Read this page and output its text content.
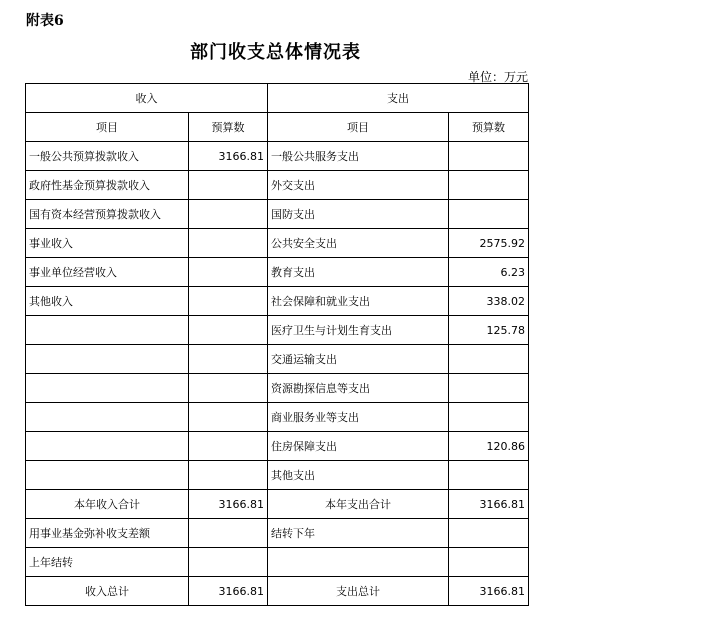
附表6
部门收支总体情况表
单位：万元
收入		支出	
项目	预算数	项目	预算数
一般公共预算拨款收入	3166.81	一般公共服务支出	
政府性基金预算拨款收入		外交支出	
国有资本经营预算拨款收入		国防支出	
事业收入		公共安全支出	2575.92
事业单位经营收入		教育支出	6.23
其他收入		社会保障和就业支出	338.02
		医疗卫生与计划生育支出	125.78
		交通运输支出	
		资源勘探信息等支出	
		商业服务业等支出	
		住房保障支出	120.86
		其他支出	
本年收入合计	3166.81	本年支出合计	3166.81
用事业基金弥补收支差额		结转下年	
上年结转			
收入总计	3166.81	支出总计	3166.81
